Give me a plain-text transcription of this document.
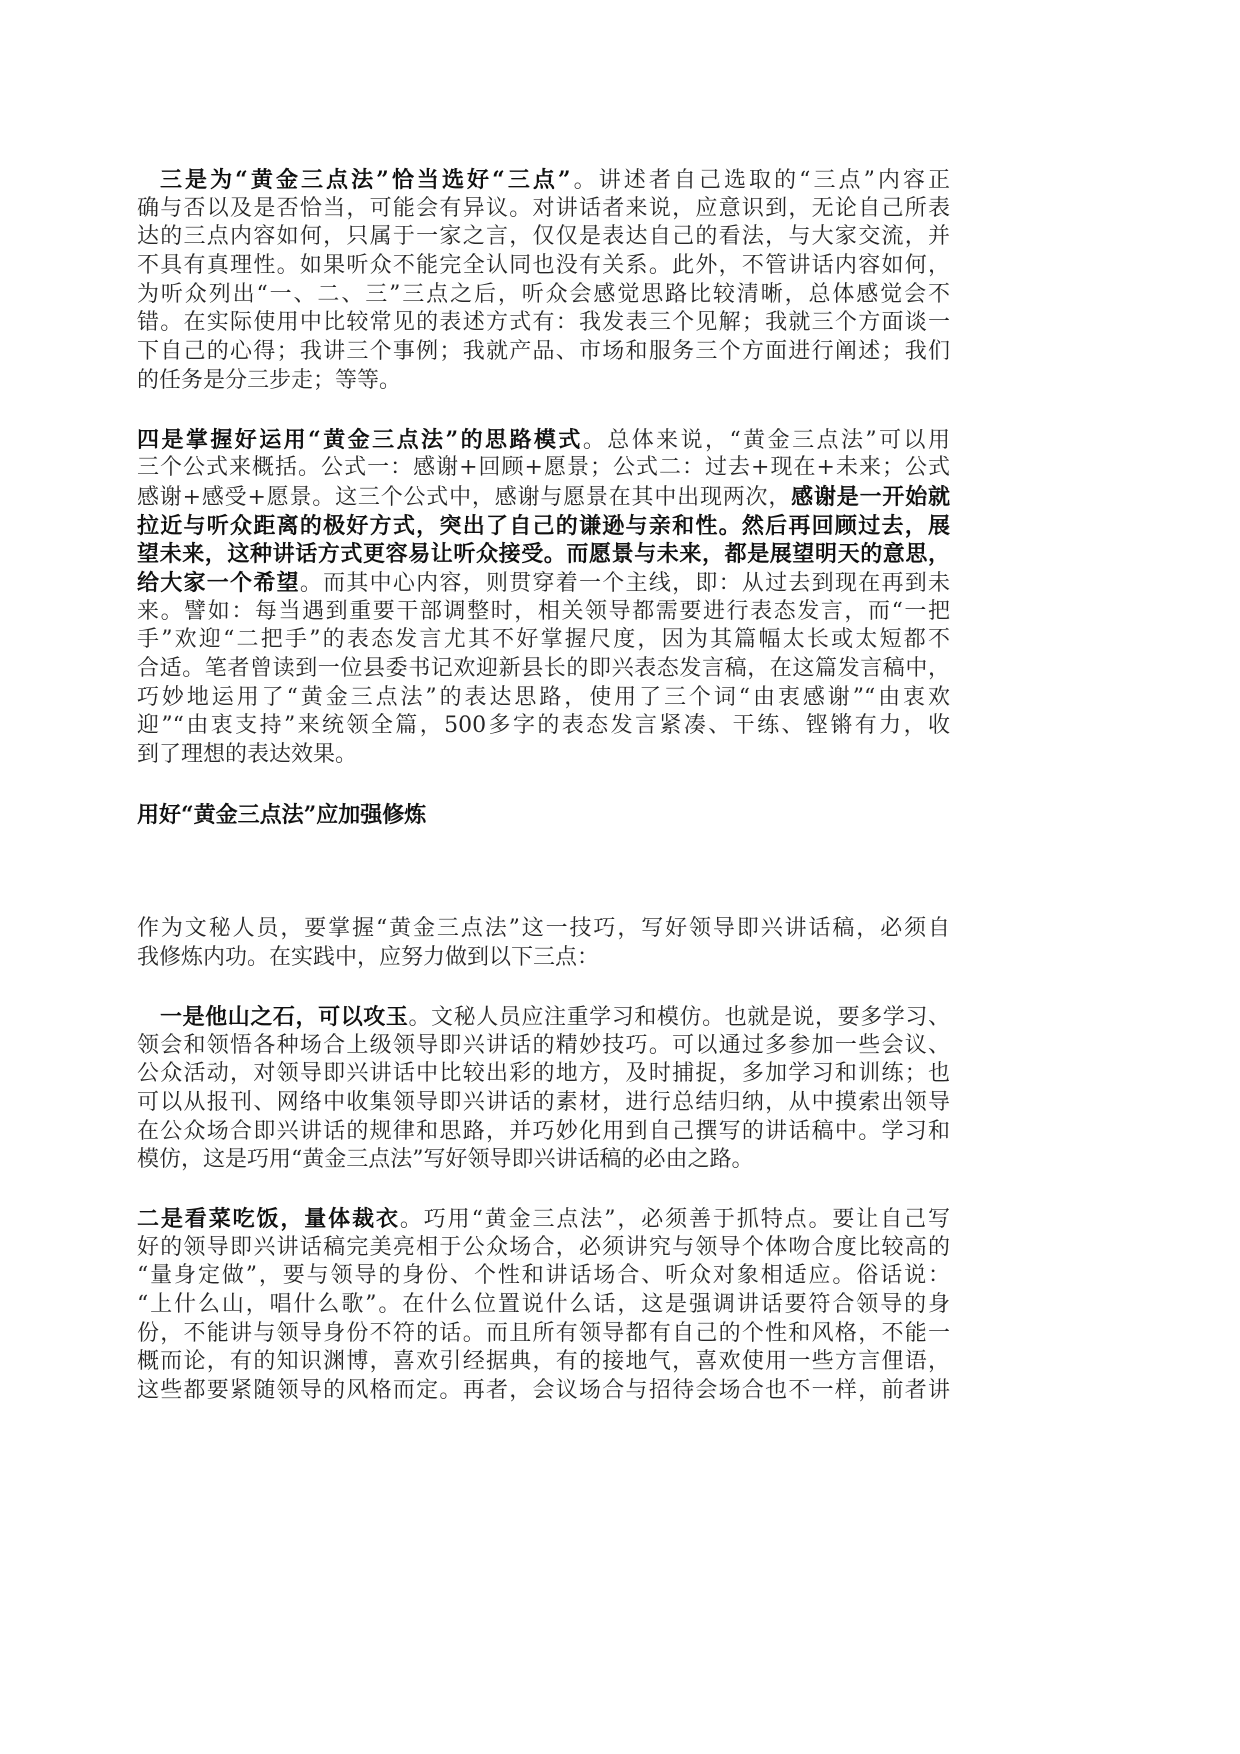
三是为“黄金三点法”恰当选好“三点”。讲述者自己选取的“三点”内容正
确与否以及是否恰当，可能会有异议。对讲话者来说，应意识到，无论自己所表
达的三点内容如何，只属于一家之言，仅仅是表达自己的看法，与大家交流，并
不具有真理性。如果听众不能完全认同也没有关系。此外，不管讲话内容如何，
为听众列出“一、二、三”三点之后，听众会感觉思路比较清晰，总体感觉会不
错。在实际使用中比较常见的表述方式有：我发表三个见解；我就三个方面谈一
下自己的心得；我讲三个事例；我就产品、市场和服务三个方面进行阐述；我们
的任务是分三步走；等等。
四是掌握好运用“黄金三点法”的思路模式。总体来说，“黄金三点法”可以用
三个公式来概括。公式一：感谢+回顾+愿景；公式二：过去+现在+未来；公式
感谢+感受+愿景。这三个公式中，感谢与愿景在其中出现两次，感谢是一开始就
拉近与听众距离的极好方式，突出了自己的谦逊与亲和性。然后再回顾过去，展
望未来，这种讲话方式更容易让听众接受。而愿景与未来，都是展望明天的意思，
给大家一个希望。而其中心内容，则贯穿着一个主线，即：从过去到现在再到未
来。譬如：每当遇到重要干部调整时，相关领导都需要进行表态发言，而“一把
手”欢迎“二把手”的表态发言尤其不好掌握尺度，因为其篇幅太长或太短都不
合适。笔者曾读到一位县委书记欢迎新县长的即兴表态发言稿，在这篇发言稿中，
巧妙地运用了“黄金三点法”的表达思路，使用了三个词“由衷感谢”“由衷欢
迎”“由衷支持”来统领全篇，500多字的表态发言紧凑、干练、铿锵有力，收
到了理想的表达效果。
用好“黄金三点法”应加强修炼
作为文秘人员，要掌握“黄金三点法”这一技巧，写好领导即兴讲话稿，必须自
我修炼内功。在实践中，应努力做到以下三点：
一是他山之石，可以攻玉。文秘人员应注重学习和模仿。也就是说，要多学习、
领会和领悟各种场合上级领导即兴讲话的精妙技巧。可以通过多参加一些会议、
公众活动，对领导即兴讲话中比较出彩的地方，及时捕捉，多加学习和训练；也
可以从报刊、网络中收集领导即兴讲话的素材，进行总结归纳，从中摸索出领导
在公众场合即兴讲话的规律和思路，并巧妙化用到自己撰写的讲话稿中。学习和
模仿，这是巧用“黄金三点法”写好领导即兴讲话稿的必由之路。
二是看菜吃饭，量体裁衣。巧用“黄金三点法”，必须善于抓特点。要让自己写
好的领导即兴讲话稿完美亮相于公众场合，必须讲究与领导个体吻合度比较高的
“量身定做”，要与领导的身份、个性和讲话场合、听众对象相适应。俗话说：
“上什么山，唱什么歌”。在什么位置说什么话，这是强调讲话要符合领导的身
份，不能讲与领导身份不符的话。而且所有领导都有自己的个性和风格，不能一
概而论，有的知识渊博，喜欢引经据典，有的接地气，喜欢使用一些方言俚语，
这些都要紧随领导的风格而定。再者，会议场合与招待会场合也不一样，前者讲
